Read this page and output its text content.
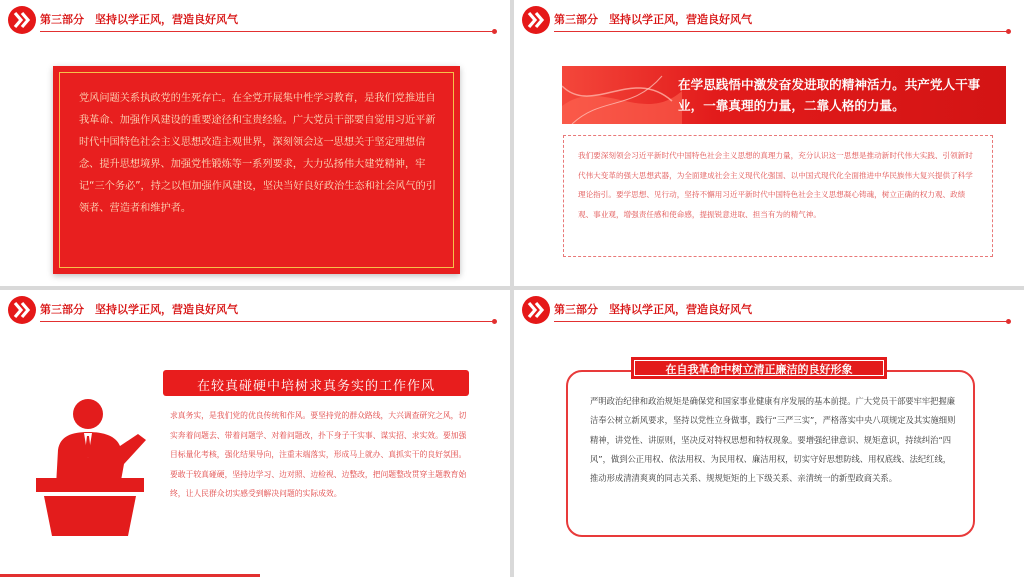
第三部分　坚持以学正风，营造良好风气
党风问题关系执政党的生死存亡。在全党开展集中性学习教育，是我们党推进自我革命、加强作风建设的重要途径和宝贵经验。广大党员干部要自觉用习近平新时代中国特色社会主义思想改造主观世界，深刻领会这一思想关于坚定理想信念、提升思想境界、加强党性锻炼等一系列要求，大力弘扬伟大建党精神，牢记“三个务必”，持之以恒加强作风建设，坚决当好良好政治生态和社会风气的引领者、营造者和维护者。
第三部分　坚持以学正风，营造良好风气
在学思践悟中激发奋发进取的精神活力。共产党人干事业，一靠真理的力量，二靠人格的力量。
我们要深刻领会习近平新时代中国特色社会主义思想的真理力量，充分认识这一思想是推动新时代伟大实践、引领新时代伟大变革的强大思想武器，为全面建成社会主义现代化强国、以中国式现代化全面推进中华民族伟大复兴提供了科学理论指引。要学思想、见行动，坚持不懈用习近平新时代中国特色社会主义思想凝心铸魂，树立正确的权力观、政绩观、事业观，增强责任感和使命感，提振锐意进取、担当有为的精气神。
第三部分　坚持以学正风，营造良好风气
在较真碰硬中培树求真务实的工作作风
求真务实，是我们党的优良传统和作风。要坚持党的群众路线，大兴调查研究之风，切实奔着问题去、带着问题学、对着问题改，扑下身子干实事、谋实招、求实效。要加强目标量化考核，强化结果导向，注重末端落实，形成马上就办、真抓实干的良好氛围。要敢于较真碰硬，坚持边学习、边对照、边检视、边整改，把问题整改贯穿主题教育始终，让人民群众切实感受到解决问题的实际成效。
第三部分　坚持以学正风，营造良好风气
在自我革命中树立清正廉洁的良好形象
严明政治纪律和政治规矩是确保党和国家事业健康有序发展的基本前提。广大党员干部要牢牢把握廉洁奉公树立新风要求，坚持以党性立身做事，践行“三严三实”，严格落实中央八项规定及其实施细则精神，讲党性、讲原则，坚决反对特权思想和特权现象。要增强纪律意识、规矩意识，持续纠治“四风”，做到公正用权、依法用权、为民用权、廉洁用权，切实守好思想防线、用权底线、法纪红线，推动形成清清爽爽的同志关系、规规矩矩的上下级关系、亲清统一的新型政商关系。
